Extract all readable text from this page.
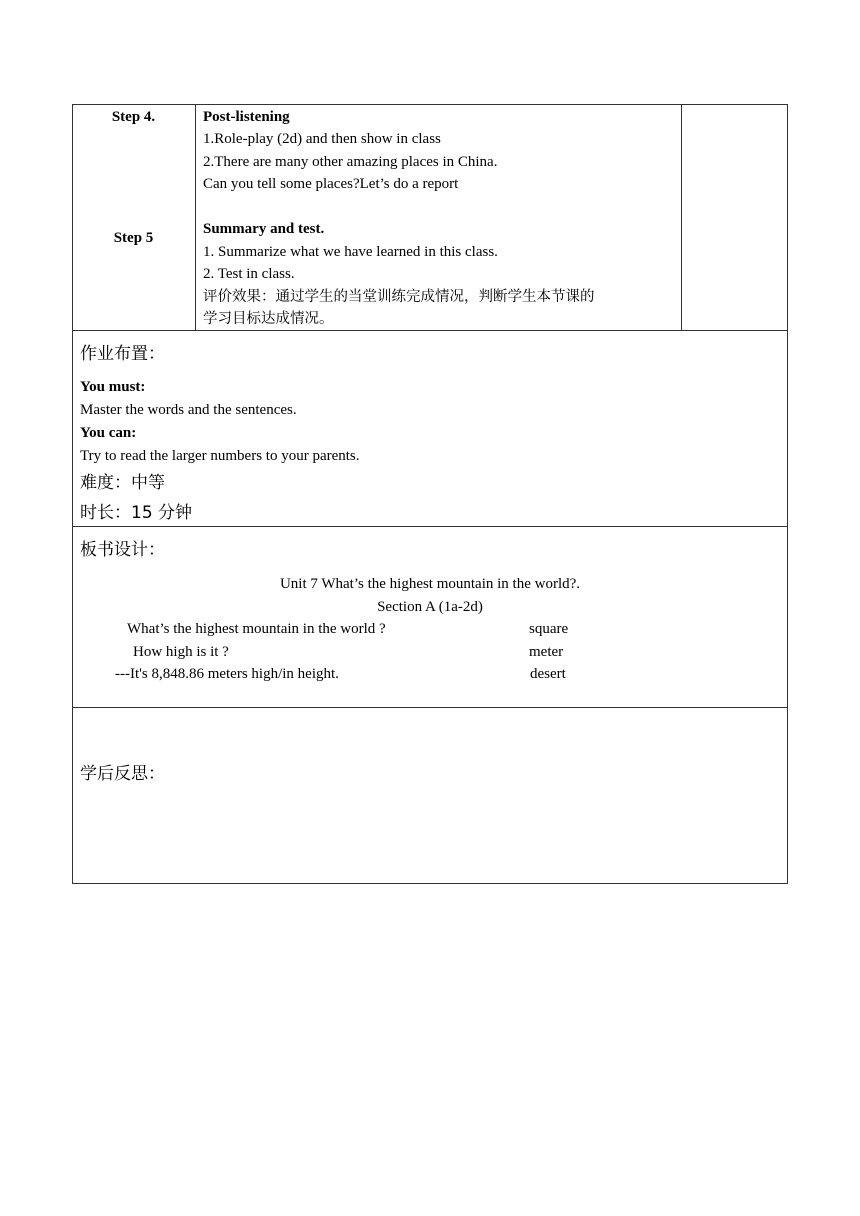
Step 4.
Step 5
Post-listening
1.Role-play (2d) and then show in class
2.There are many other amazing places in China.
Can you tell some places?Let’s do a report
Summary and test.
1. Summarize what we have learned in this class.
2. Test in class.
评价效果：通过学生的当堂训练完成情况，判断学生本节课的
学习目标达成情况。
作业布置：
You must:
Master the words and the sentences.
You can:
Try to read the larger numbers to your parents.
难度：中等
时长：15 分钟
板书设计：
Unit 7 What’s the highest mountain in the world?.
Section A (1a-2d)
What’s the highest mountain in the world ?
How high is it ?
---It's 8,848.86 meters high/in height.
square
meter
desert
学后反思：
